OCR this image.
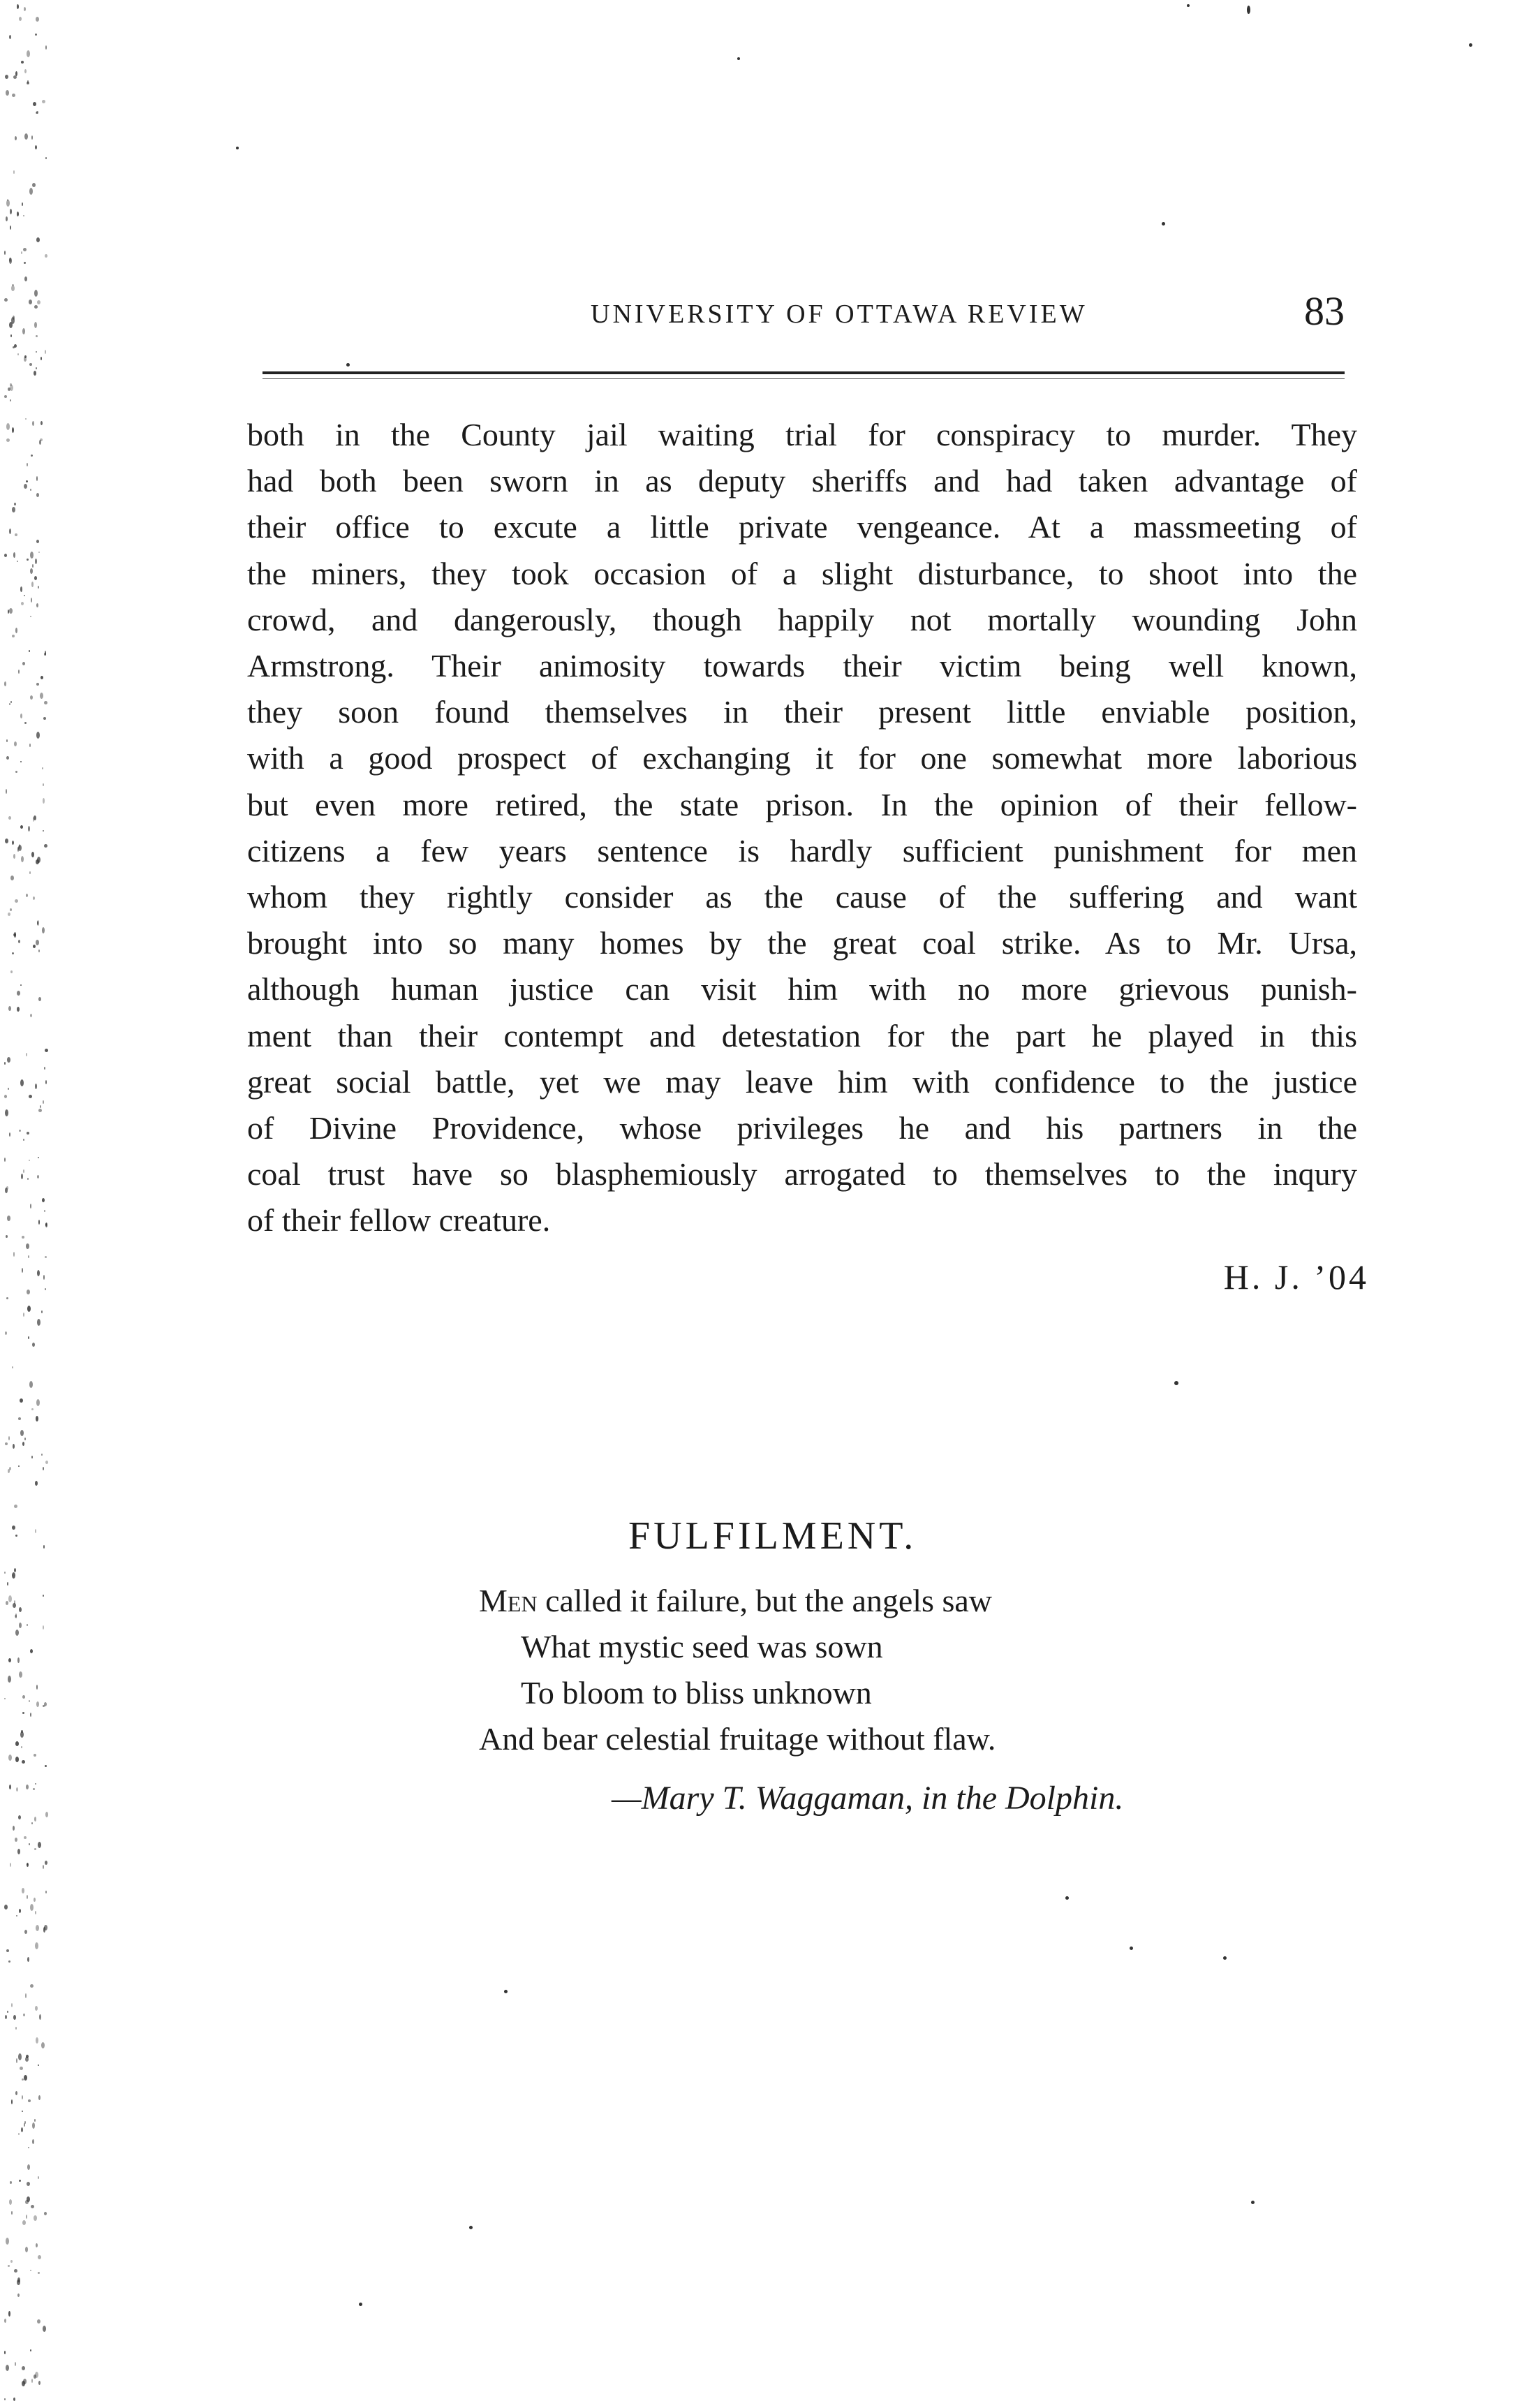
UNIVERSITY OF OTTAWA REVIEW	83
both in the County jail waiting trial for conspiracy to murder. They
had both been sworn in as deputy sheriffs and had taken advantage of
their office to excute a little private vengeance. At a massmeeting of
the miners, they took occasion of a slight disturbance, to shoot into the
crowd, and dangerously, though happily not mortally wounding John
Armstrong. Their animosity towards their victim being well known,
they soon found themselves in their present little enviable position,
with a good prospect of exchanging it for one somewhat more laborious
but even more retired, the state prison. In the opinion of their fellow-
citizens a few years sentence is hardly sufficient punishment for men
whom they rightly consider as the cause of the suffering and want
brought into so many homes by the great coal strike. As to Mr. Ursa,
although human justice can visit him with no more grievous punish-
ment than their contempt and detestation for the part he played in this
great social battle, yet we may leave him with confidence to the justice
of Divine Providence, whose privileges he and his partners in the
coal trust have so blasphemiously arrogated to themselves to the inqury
of their fellow creature.
H. J. ’04
FULFILMENT.
Men called it failure, but the angels saw
What mystic seed was sown
To bloom to bliss unknown
And bear celestial fruitage without flaw.
—Mary T. Waggaman, in the Dolphin.
